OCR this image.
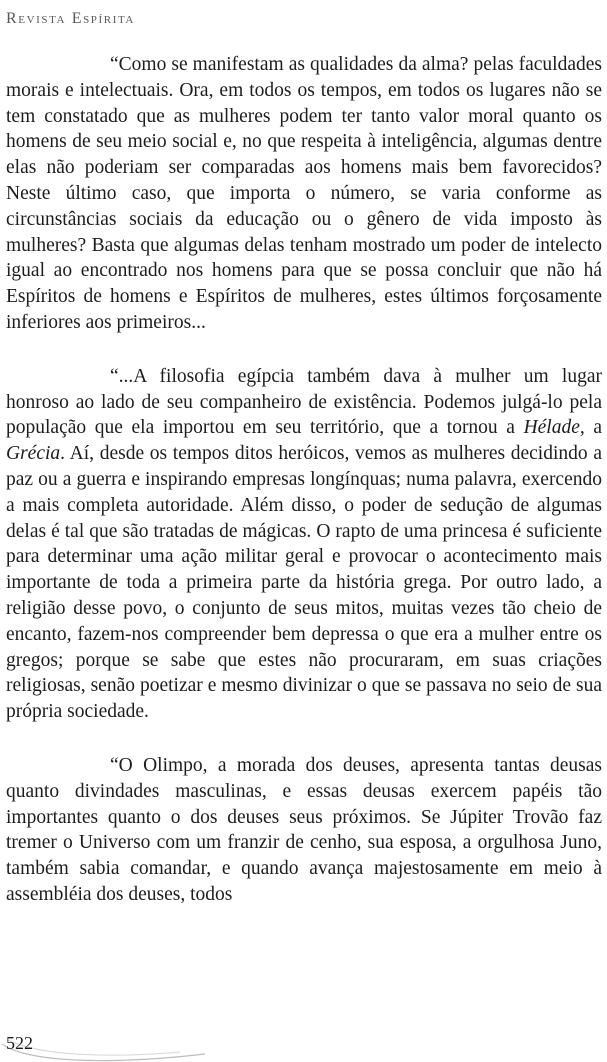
Revista Espírita

“Como se manifestam as qualidades da alma? pelas faculdades morais e intelectuais. Ora, em todos os tempos, em todos os lugares não se tem constatado que as mulheres podem ter tanto valor moral quanto os homens de seu meio social e, no que respeita à inteligência, algumas dentre elas não poderiam ser comparadas aos homens mais bem favorecidos? Neste último caso, que importa o número, se varia conforme as circunstâncias sociais da educação ou o gênero de vida imposto às mulheres? Basta que algumas delas tenham mostrado um poder de intelecto igual ao encontrado nos homens para que se possa concluir que não há Espíritos de homens e Espíritos de mulheres, estes últimos forçosamente inferiores aos primeiros...

“...A filosofia egípcia também dava à mulher um lugar honroso ao lado de seu companheiro de existência. Podemos julgá-lo pela população que ela importou em seu território, que a tornou a Hélade, a Grécia. Aí, desde os tempos ditos heróicos, vemos as mulheres decidindo a paz ou a guerra e inspirando empresas longínquas; numa palavra, exercendo a mais completa autoridade. Além disso, o poder de sedução de algumas delas é tal que são tratadas de mágicas. O rapto de uma princesa é suficiente para determinar uma ação militar geral e provocar o acontecimento mais importante de toda a primeira parte da história grega. Por outro lado, a religião desse povo, o conjunto de seus mitos, muitas vezes tão cheio de encanto, fazem-nos compreender bem depressa o que era a mulher entre os gregos; porque se sabe que estes não procuraram, em suas criações religiosas, senão poetizar e mesmo divinizar o que se passava no seio de sua própria sociedade.

“O Olimpo, a morada dos deuses, apresenta tantas deusas quanto divindades masculinas, e essas deusas exercem papéis tão importantes quanto o dos deuses seus próximos. Se Júpiter Trovão faz tremer o Universo com um franzir de cenho, sua esposa, a orgulhosa Juno, também sabia comandar, e quando avança majestosamente em meio à assembléia dos deuses, todos

522
